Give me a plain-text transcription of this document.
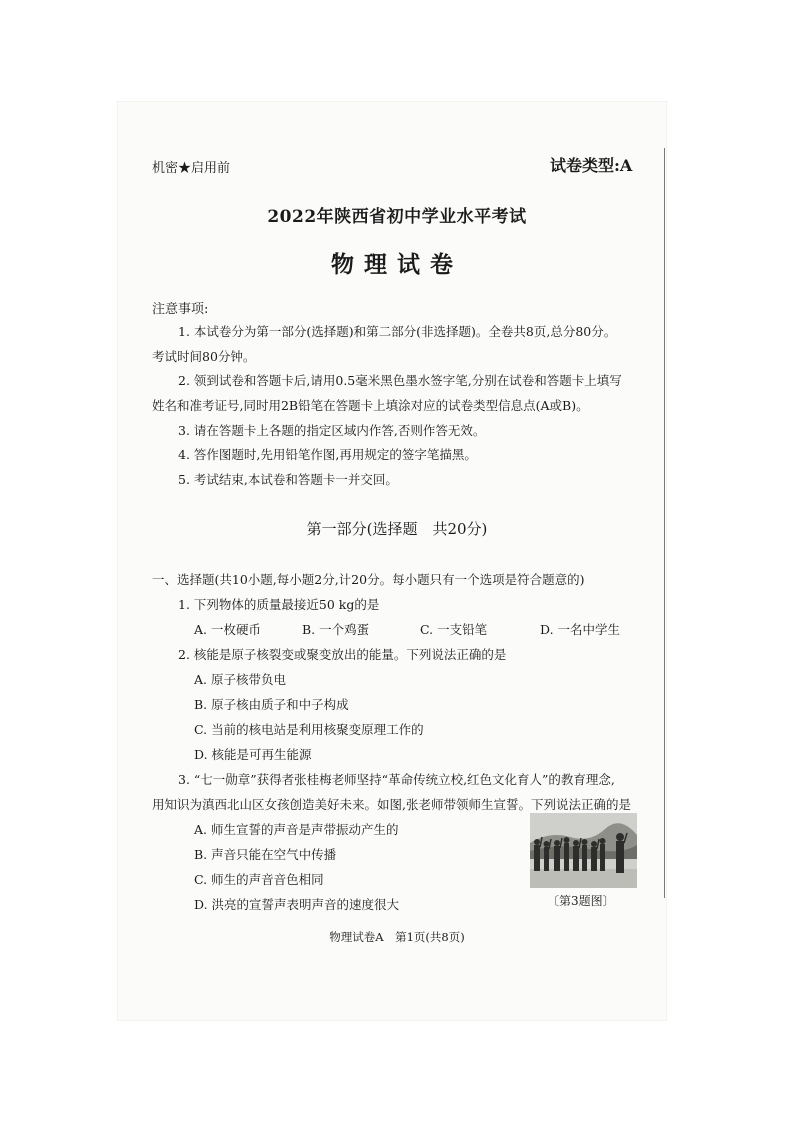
机密★启用前	试卷类型:A
2022年陕西省初中学业水平考试
物理试卷
注意事项:
1. 本试卷分为第一部分(选择题)和第二部分(非选择题)。全卷共8页,总分80分。
考试时间80分钟。
2. 领到试卷和答题卡后,请用0.5毫米黑色墨水签字笔,分别在试卷和答题卡上填写
姓名和准考证号,同时用2B铅笔在答题卡上填涂对应的试卷类型信息点(A或B)。
3. 请在答题卡上各题的指定区域内作答,否则作答无效。
4. 答作图题时,先用铅笔作图,再用规定的签字笔描黑。
5. 考试结束,本试卷和答题卡一并交回。
第一部分(选择题　共20分)
一、选择题(共10小题,每小题2分,计20分。每小题只有一个选项是符合题意的)
1. 下列物体的质量最接近50 kg的是
A. 一枚硬币	B. 一个鸡蛋	C. 一支铅笔	D. 一名中学生
2. 核能是原子核裂变或聚变放出的能量。下列说法正确的是
A. 原子核带负电
B. 原子核由质子和中子构成
C. 当前的核电站是利用核聚变原理工作的
D. 核能是可再生能源
3. “七一勋章”获得者张桂梅老师坚持“革命传统立校,红色文化育人”的教育理念,
用知识为滇西北山区女孩创造美好未来。如图,张老师带领师生宣誓。下列说法正确的是
A. 师生宣誓的声音是声带振动产生的
B. 声音只能在空气中传播
C. 师生的声音音色相同
D. 洪亮的宣誓声表明声音的速度很大	〔第3题图〕
物理试卷A　第1页(共8页)
